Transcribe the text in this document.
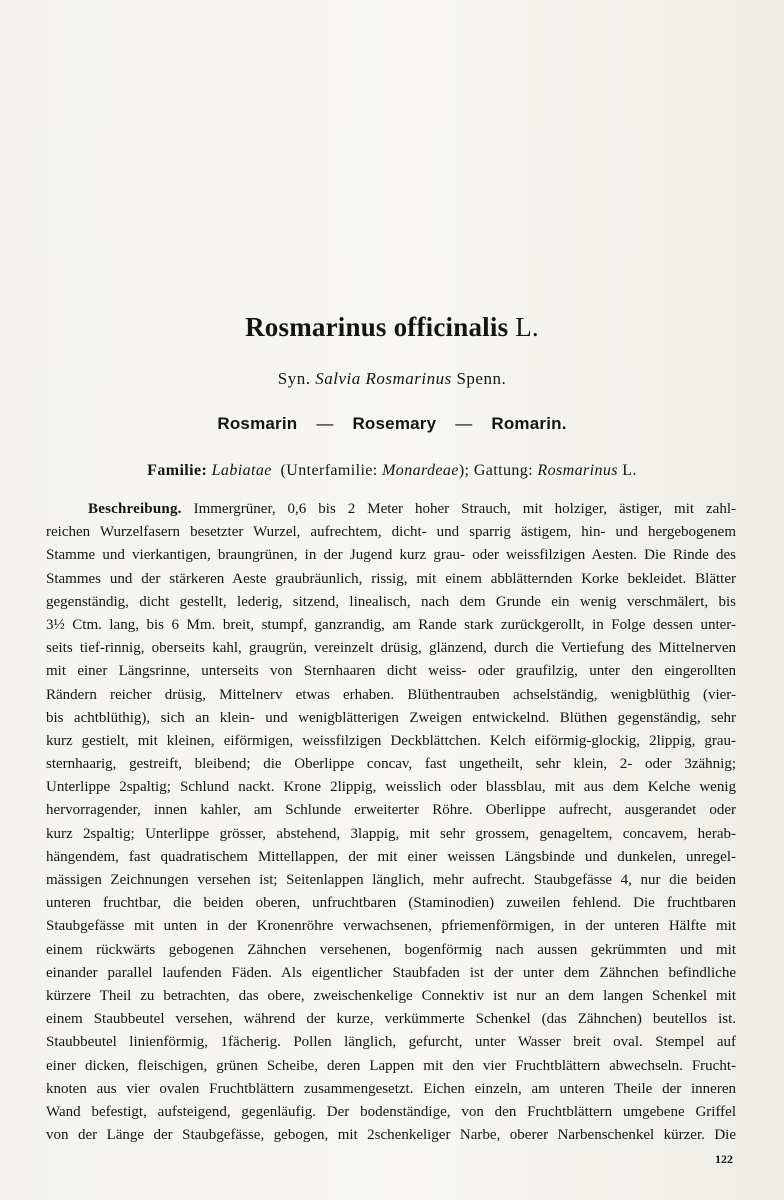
Rosmarinus officinalis L.
Syn. Salvia Rosmarinus Spenn.
Rosmarin — Rosemary — Romarin.
Familie: Labiatae (Unterfamilie: Monardeae); Gattung: Rosmarinus L.
Beschreibung. Immergrüner, 0,6 bis 2 Meter hoher Strauch, mit holziger, ästiger, mit zahl-
reichen Wurzelfasern besetzter Wurzel, aufrechtem, dicht- und sparrig ästigem, hin- und hergebogenem
Stamme und vierkantigen, braungrünen, in der Jugend kurz grau- oder weissfilzigen Aesten. Die Rinde des
Stammes und der stärkeren Aeste graubräunlich, rissig, mit einem abblätternden Korke bekleidet. Blätter
gegenständig, dicht gestellt, lederig, sitzend, linealisch, nach dem Grunde ein wenig verschmälert, bis
3½ Ctm. lang, bis 6 Mm. breit, stumpf, ganzrandig, am Rande stark zurückgerollt, in Folge dessen unter-
seits tief-rinnig, oberseits kahl, graugrün, vereinzelt drüsig, glänzend, durch die Vertiefung des Mittelnerven
mit einer Längsrinne, unterseits von Sternhaaren dicht weiss- oder graufilzig, unter den eingerollten
Rändern reicher drüsig, Mittelnerv etwas erhaben. Blüthentrauben achselständig, wenigblüthig (vier-
bis achtblüthig), sich an klein- und wenigblätterigen Zweigen entwickelnd. Blüthen gegenständig, sehr
kurz gestielt, mit kleinen, eiförmigen, weissfilzigen Deckblättchen. Kelch eiförmig-glockig, 2lippig, grau-
sternhaarig, gestreift, bleibend; die Oberlippe concav, fast ungetheilt, sehr klein, 2- oder 3zähnig;
Unterlippe 2spaltig; Schlund nackt. Krone 2lippig, weisslich oder blassblau, mit aus dem Kelche wenig
hervorragender, innen kahler, am Schlunde erweiterter Röhre. Oberlippe aufrecht, ausgerandet oder
kurz 2spaltig; Unterlippe grösser, abstehend, 3lappig, mit sehr grossem, genageltem, concavem, herab-
hängendem, fast quadratischem Mittellappen, der mit einer weissen Längsbinde und dunkelen, unregel-
mässigen Zeichnungen versehen ist; Seitenlappen länglich, mehr aufrecht. Staubgefässe 4, nur die beiden
unteren fruchtbar, die beiden oberen, unfruchtbaren (Staminodien) zuweilen fehlend. Die fruchtbaren
Staubgefässe mit unten in der Kronenröhre verwachsenen, pfriemenförmigen, in der unteren Hälfte mit
einem rückwärts gebogenen Zähnchen versehenen, bogenförmig nach aussen gekrümmten und mit
einander parallel laufenden Fäden. Als eigentlicher Staubfaden ist der unter dem Zähnchen befindliche
kürzere Theil zu betrachten, das obere, zweischenkelige Connektiv ist nur an dem langen Schenkel mit
einem Staubbeutel versehen, während der kurze, verkümmerte Schenkel (das Zähnchen) beutellos ist.
Staubbeutel linienförmig, 1fächerig. Pollen länglich, gefurcht, unter Wasser breit oval. Stempel auf
einer dicken, fleischigen, grünen Scheibe, deren Lappen mit den vier Fruchtblättern abwechseln. Frucht-
knoten aus vier ovalen Fruchtblättern zusammengesetzt. Eichen einzeln, am unteren Theile der inneren
Wand befestigt, aufsteigend, gegenläufig. Der bodenständige, von den Fruchtblättern umgebene Griffel
von der Länge der Staubgefässe, gebogen, mit 2schenkeliger Narbe, oberer Narbenschenkel kürzer. Die
122
